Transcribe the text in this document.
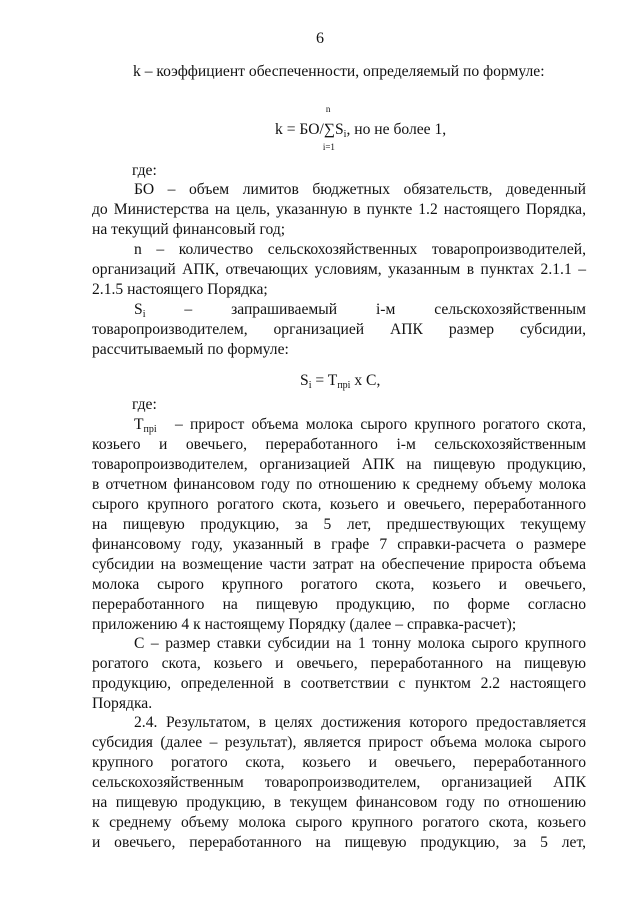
6
k – коэффициент обеспеченности, определяемый по формуле:
где:
БО – объем лимитов бюджетных обязательств, доведенный
до Министерства на цель, указанную в пункте 1.2 настоящего Порядка,
на текущий финансовый год;
n – количество сельскохозяйственных товаропроизводителей,
организаций АПК, отвечающих условиям, указанным в пунктах 2.1.1 –
2.1.5 настоящего Порядка;
где:
– прирост объема молока сырого крупного рогатого скота,
козьего и овечьего, переработанного i-м сельскохозяйственным
товаропроизводителем, организацией АПК на пищевую продукцию,
в отчетном финансовом году по отношению к среднему объему молока
сырого крупного рогатого скота, козьего и овечьего, переработанного
на пищевую продукцию, за 5 лет, предшествующих текущему
финансовому году, указанный в графе 7 справки-расчета о размере
субсидии на возмещение части затрат на обеспечение прироста объема
молока сырого крупного рогатого скота, козьего и овечьего,
переработанного на пищевую продукцию, по форме согласно
приложению 4 к настоящему Порядку (далее – справка-расчет);
С – размер ставки субсидии на 1 тонну молока сырого крупного
рогатого скота, козьего и овечьего, переработанного на пищевую
продукцию, определенной в соответствии с пунктом 2.2 настоящего
Порядка.
2.4. Результатом, в целях достижения которого предоставляется
субсидия (далее – результат), является прирост объема молока сырого
крупного рогатого скота, козьего и овечьего, переработанного
сельскохозяйственным товаропроизводителем, организацией АПК
на пищевую продукцию, в текущем финансовом году по отношению
к среднему объему молока сырого крупного рогатого скота, козьего
и овечьего, переработанного на пищевую продукцию, за 5 лет,
k = БО/
n
∑
i=1
$S_i$, но не более 1,
$S_i$ – запрашиваемый i-м сельскохозяйственным
товаропроизводителем, организацией АПК размер субсидии,
рассчитываемый по формуле:
$S_i = T_{прi}$ x C,
$T_{прi}$
